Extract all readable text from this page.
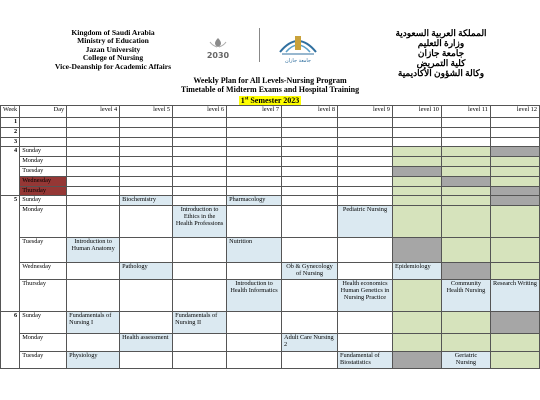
Kingdom of Saudi Arabia
Ministry of Education
Jazan University
College of Nursing
Vice-Deanship for Academic Affairs
2030
جامعة جازان
المملكة العربية السعودية
وزارة التعليم
جامعة جازان
كلية التمريض
وكالة الشؤون الأكاديمية
Weekly Plan for All Levels-Nursing Program
Timetable of Midterm Exams and Hospital Training
1st Semester 2023
Week	Day	level 4	level 5	level 6	level 7	level 8	level 9	level 10	level 11	level 12
1										
2										
3										
4	Sunday									
	Monday									
	Tuesday									
	Wednesday									
	Thursday									
5	Sunday		Biochemistry		Pharmacology					
	Monday			Introduction to Ethics in the Health Professions			Pediatric Nursing			
	Tuesday	Introduction to Human Anatomy			Nutrition					
	Wednesday		Pathology			Ob & Gynecology of Nursing		Epidemiology		
	Thursday				Introduction to Health Informatics		Health economics Human Genetics in Nursing Practice		Community Health Nursing	Research Writing
6	Sunday	Fundamentals of Nursing I		Fundamentals of Nursing II						
	Monday		Health assessment			Adult Care Nursing 2				
	Tuesday	Physiology					Fundamental of Biostatistics		Geriatric Nursing	
